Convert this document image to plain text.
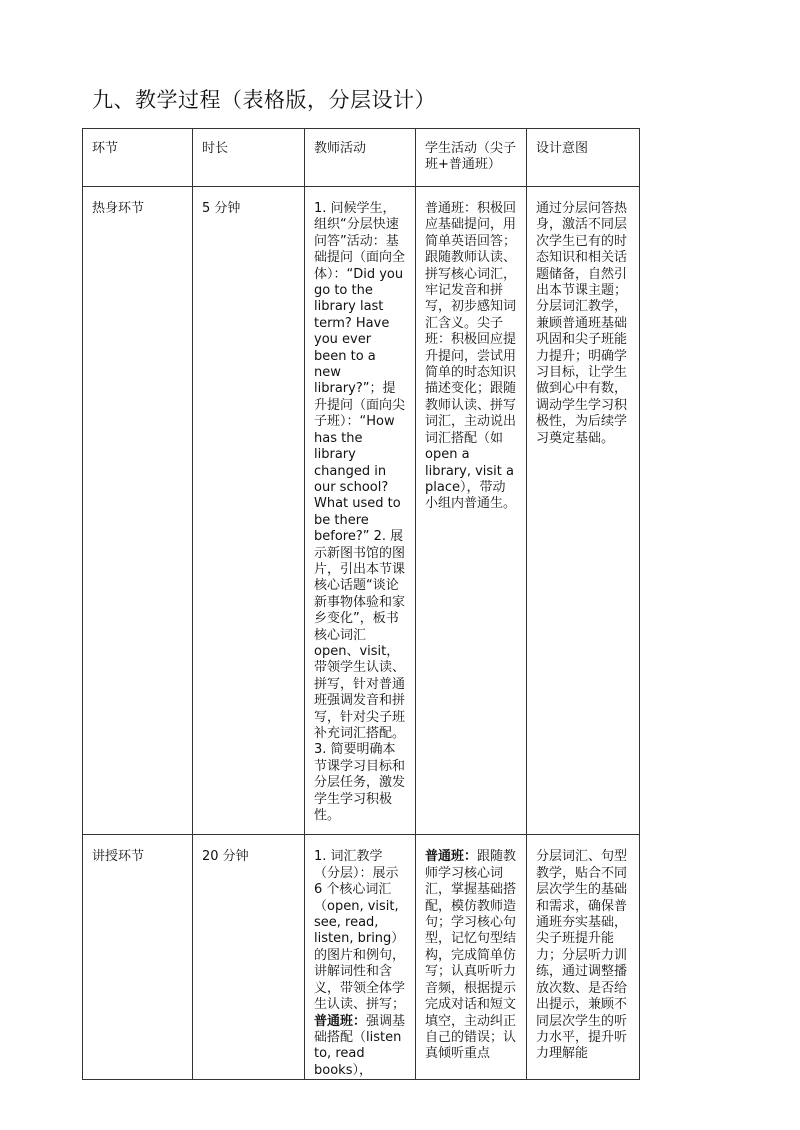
九、教学过程（表格版，分层设计）
环节	时长	教师活动	学生活动（尖子班+普通班）	设计意图
热身环节	5 分钟	1. 问候学生，组织“分层快速问答”活动：基础提问（面向全体）：“Did you go to the library last term? Have you ever been to a new library?”；提升提问（面向尖子班）：“How has the library changed in our school? What used to be there before?” 2. 展示新图书馆的图片，引出本节课核心话题“谈论新事物体验和家乡变化”，板书核心词汇 open、visit，带领学生认读、拼写，针对普通班强调发音和拼写，针对尖子班补充词汇搭配。3. 简要明确本节课学习目标和分层任务，激发学生学习积极性。	普通班：积极回应基础提问，用简单英语回答；跟随教师认读、拼写核心词汇，牢记发音和拼写，初步感知词汇含义。尖子班：积极回应提升提问，尝试用简单的时态知识描述变化；跟随教师认读、拼写词汇，主动说出词汇搭配（如 open a library, visit a place），带动小组内普通生。	通过分层问答热身，激活不同层次学生已有的时态知识和相关话题储备，自然引出本节课主题；分层词汇教学，兼顾普通班基础巩固和尖子班能力提升；明确学习目标，让学生做到心中有数，调动学生学习积极性，为后续学习奠定基础。
讲授环节	20 分钟	1. 词汇教学（分层）：展示 6 个核心词汇（open, visit, see, read, listen, bring）的图片和例句，讲解词性和含义，带领全体学生认读、拼写；普通班：强调基础搭配（listen to, read books），	普通班：跟随教师学习核心词汇，掌握基础搭配，模仿教师造句；学习核心句型，记忆句型结构，完成简单仿写；认真听听力音频，根据提示完成对话和短文填空，主动纠正自己的错误；认真倾听重点	分层词汇、句型教学，贴合不同层次学生的基础和需求，确保普通班夯实基础，尖子班提升能力；分层听力训练，通过调整播放次数、是否给出提示，兼顾不同层次学生的听力水平，提升听力理解能
